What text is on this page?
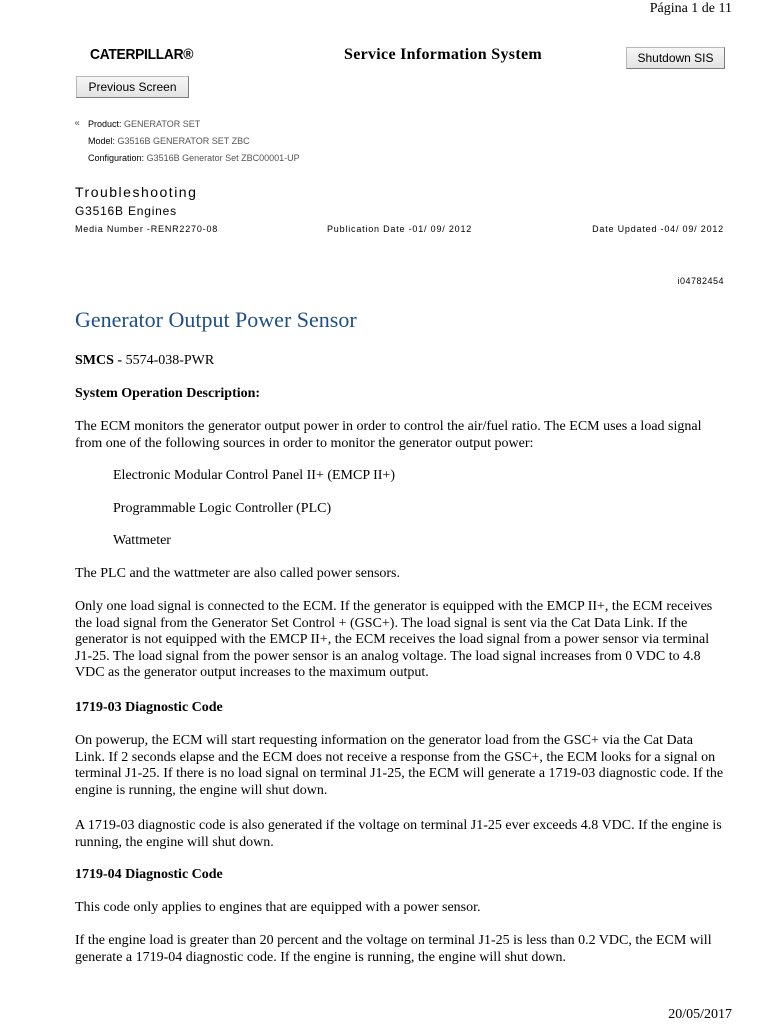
Página 1 de 11
CATERPILLAR®	Service Information System	Shutdown SIS
Previous Screen
« Product: GENERATOR SET
Model: G3516B GENERATOR SET ZBC
Configuration: G3516B Generator Set ZBC00001-UP
Troubleshooting
G3516B Engines
Media Number -RENR2270-08	Publication Date -01/ 09/ 2012	Date Updated -04/ 09/ 2012
i04782454
Generator Output Power Sensor
SMCS - 5574-038-PWR
System Operation Description:
The ECM monitors the generator output power in order to control the air/fuel ratio. The ECM uses a load signal from one of the following sources in order to monitor the generator output power:
Electronic Modular Control Panel II+ (EMCP II+)
Programmable Logic Controller (PLC)
Wattmeter
The PLC and the wattmeter are also called power sensors.
Only one load signal is connected to the ECM. If the generator is equipped with the EMCP II+, the ECM receives the load signal from the Generator Set Control + (GSC+). The load signal is sent via the Cat Data Link. If the generator is not equipped with the EMCP II+, the ECM receives the load signal from a power sensor via terminal J1-25. The load signal from the power sensor is an analog voltage. The load signal increases from 0 VDC to 4.8 VDC as the generator output increases to the maximum output.
1719-03 Diagnostic Code
On powerup, the ECM will start requesting information on the generator load from the GSC+ via the Cat Data Link. If 2 seconds elapse and the ECM does not receive a response from the GSC+, the ECM looks for a signal on terminal J1-25. If there is no load signal on terminal J1-25, the ECM will generate a 1719-03 diagnostic code. If the engine is running, the engine will shut down.
A 1719-03 diagnostic code is also generated if the voltage on terminal J1-25 ever exceeds 4.8 VDC. If the engine is running, the engine will shut down.
1719-04 Diagnostic Code
This code only applies to engines that are equipped with a power sensor.
If the engine load is greater than 20 percent and the voltage on terminal J1-25 is less than 0.2 VDC, the ECM will generate a 1719-04 diagnostic code. If the engine is running, the engine will shut down.
20/05/2017
